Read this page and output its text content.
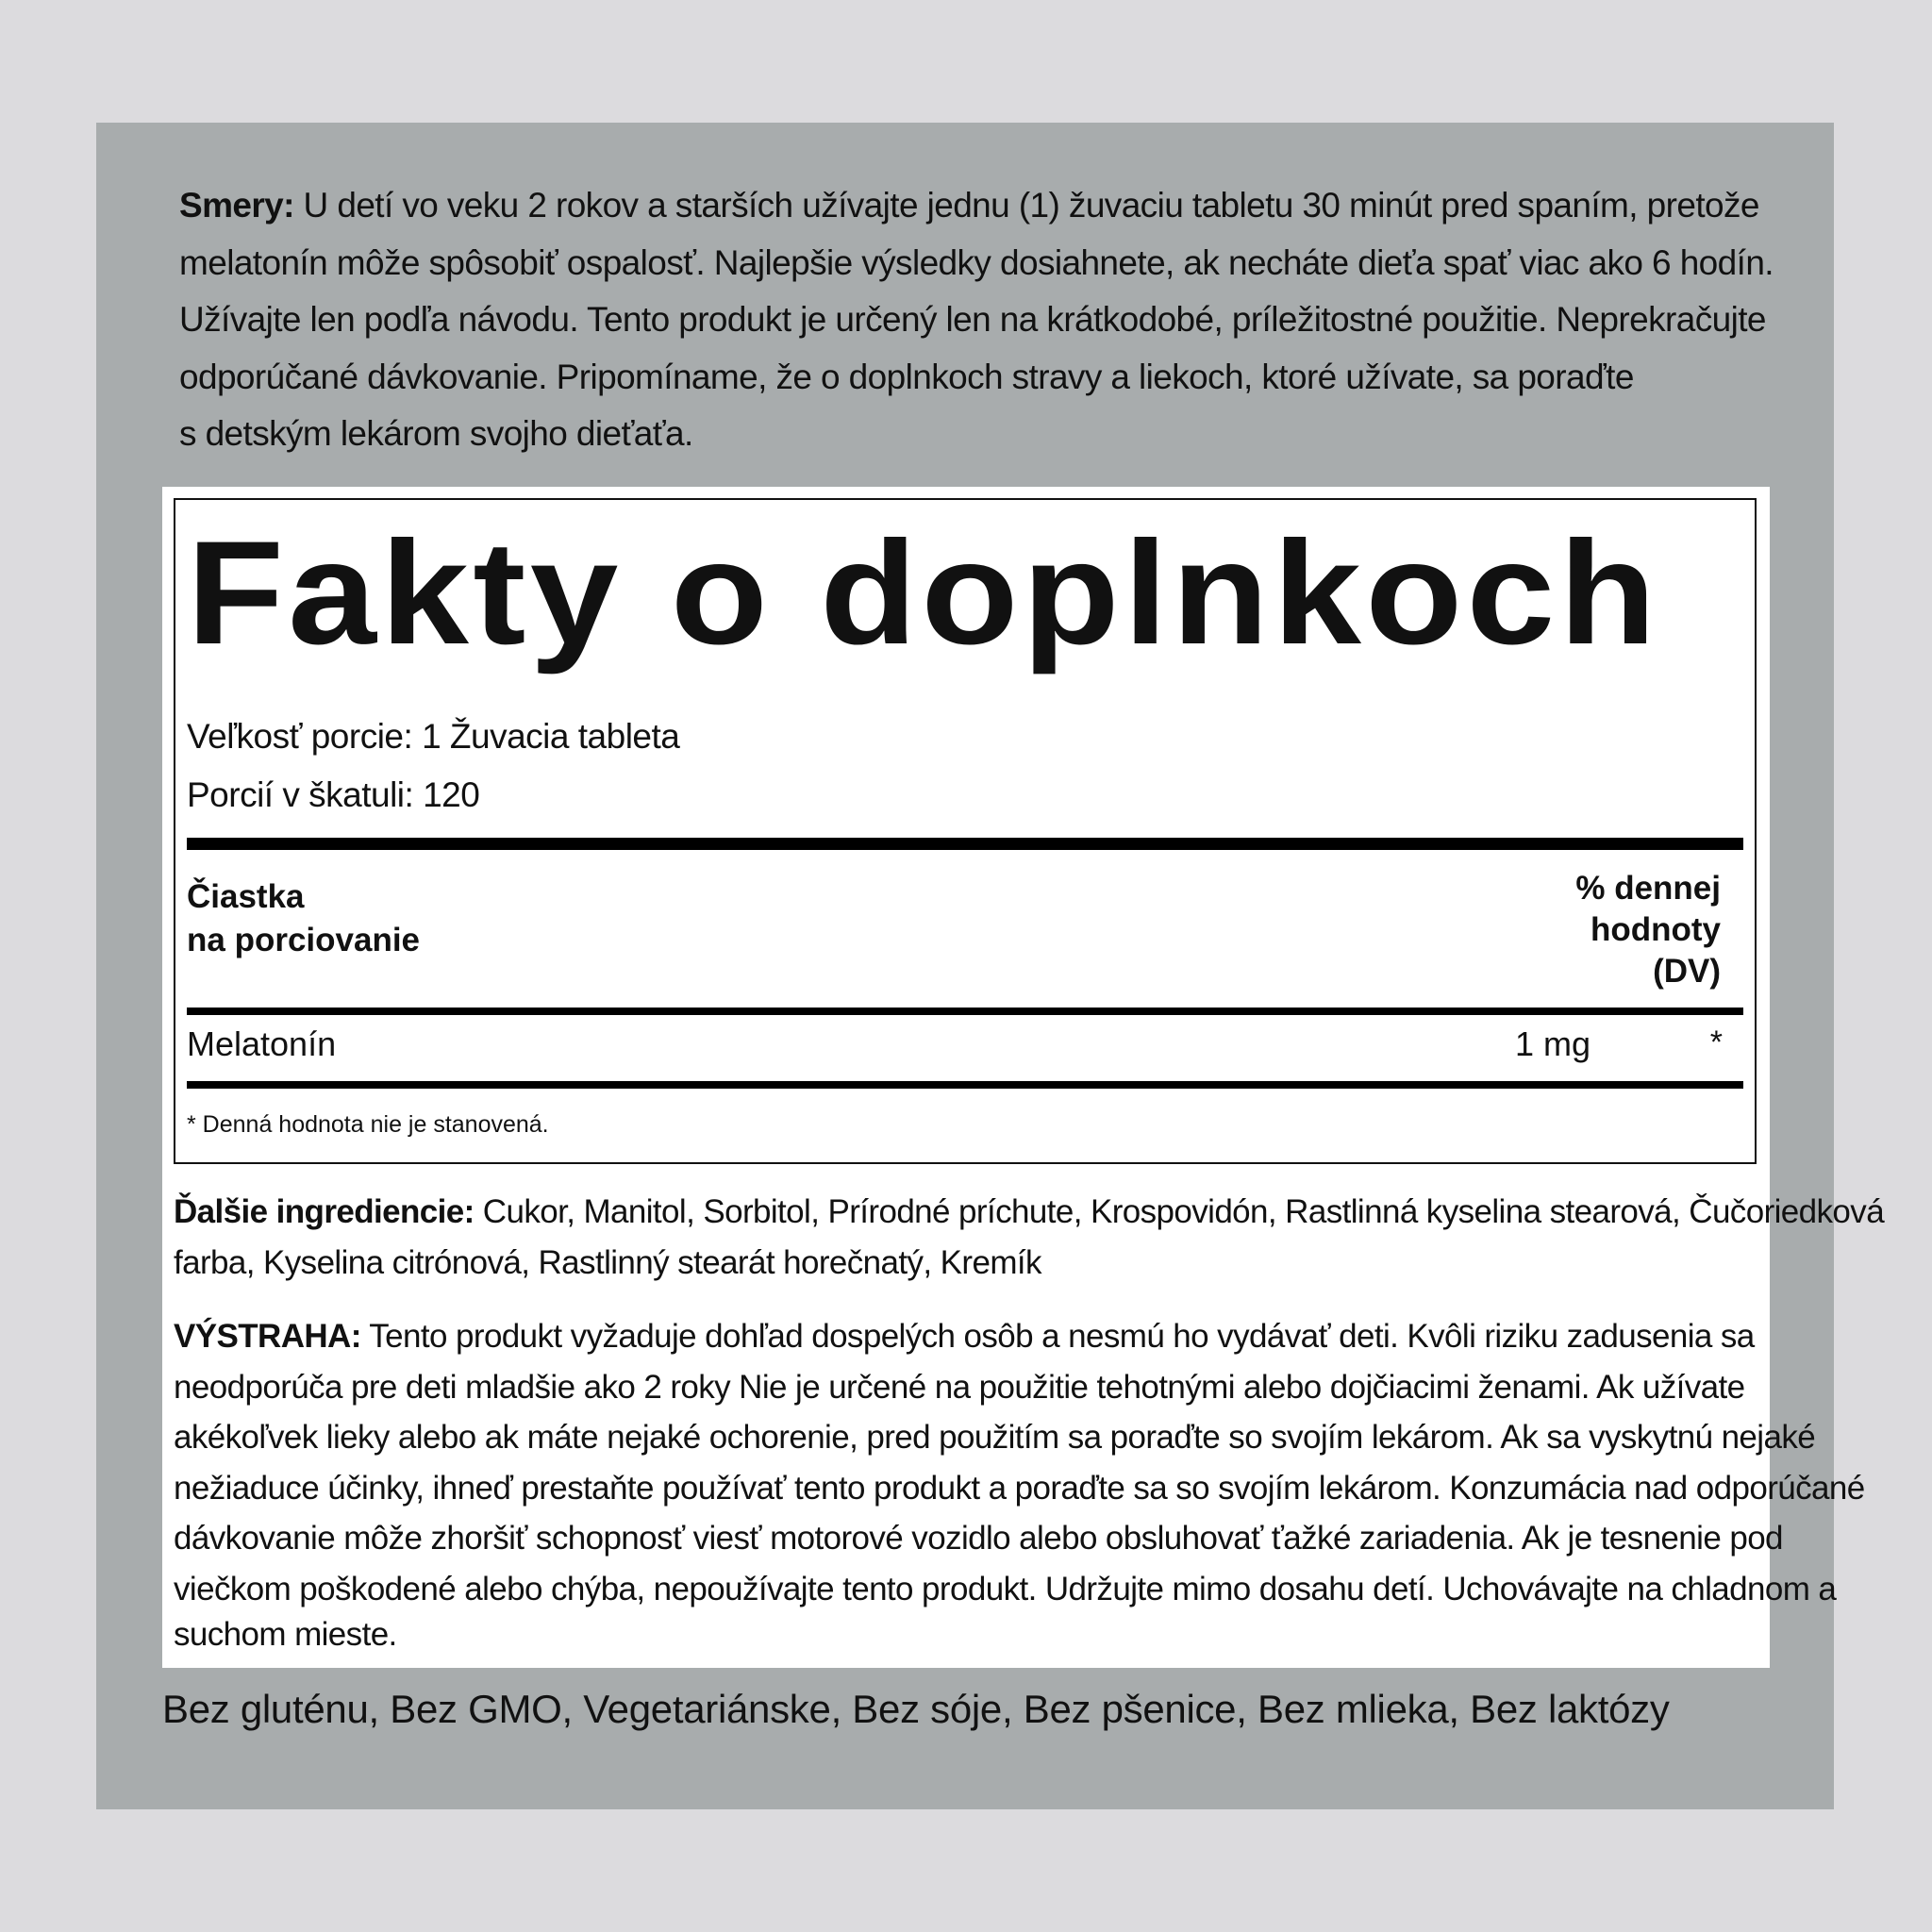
Smery: U detí vo veku 2 rokov a starších užívajte jednu (1) žuvaciu tabletu 30 minút pred spaním, pretože
melatonín môže spôsobiť ospalosť. Najlepšie výsledky dosiahnete, ak necháte dieťa spať viac ako 6 hodín.
Užívajte len podľa návodu. Tento produkt je určený len na krátkodobé, príležitostné použitie. Neprekračujte
odporúčané dávkovanie. Pripomíname, že o doplnkoch stravy a liekoch, ktoré užívate, sa poraďte
s detským lekárom svojho dieťaťa.

Fakty o doplnkoch
Veľkosť porcie: 1 Žuvacia tableta
Porcií v škatuli: 120
Čiastka
na porciovanie
% dennej
hodnoty
(DV)
Melatonín	1 mg	*
* Denná hodnota nie je stanovená.

Ďalšie ingrediencie: Cukor, Manitol, Sorbitol, Prírodné príchute, Krospovidón, Rastlinná kyselina stearová, Čučoriedková
farba, Kyselina citrónová, Rastlinný stearát horečnatý, Kremík

VÝSTRAHA: Tento produkt vyžaduje dohľad dospelých osôb a nesmú ho vydávať deti. Kvôli riziku zadusenia sa
neodporúča pre deti mladšie ako 2 roky Nie je určené na použitie tehotnými alebo dojčiacimi ženami. Ak užívate
akékoľvek lieky alebo ak máte nejaké ochorenie, pred použitím sa poraďte so svojím lekárom. Ak sa vyskytnú nejaké
nežiaduce účinky, ihneď prestaňte používať tento produkt a poraďte sa so svojím lekárom. Konzumácia nad odporúčané
dávkovanie môže zhoršiť schopnosť viesť motorové vozidlo alebo obsluhovať ťažké zariadenia. Ak je tesnenie pod
viečkom poškodené alebo chýba, nepoužívajte tento produkt. Udržujte mimo dosahu detí. Uchovávajte na chladnom a
suchom mieste.

Bez gluténu, Bez GMO, Vegetariánske, Bez sóje, Bez pšenice, Bez mlieka, Bez laktózy
